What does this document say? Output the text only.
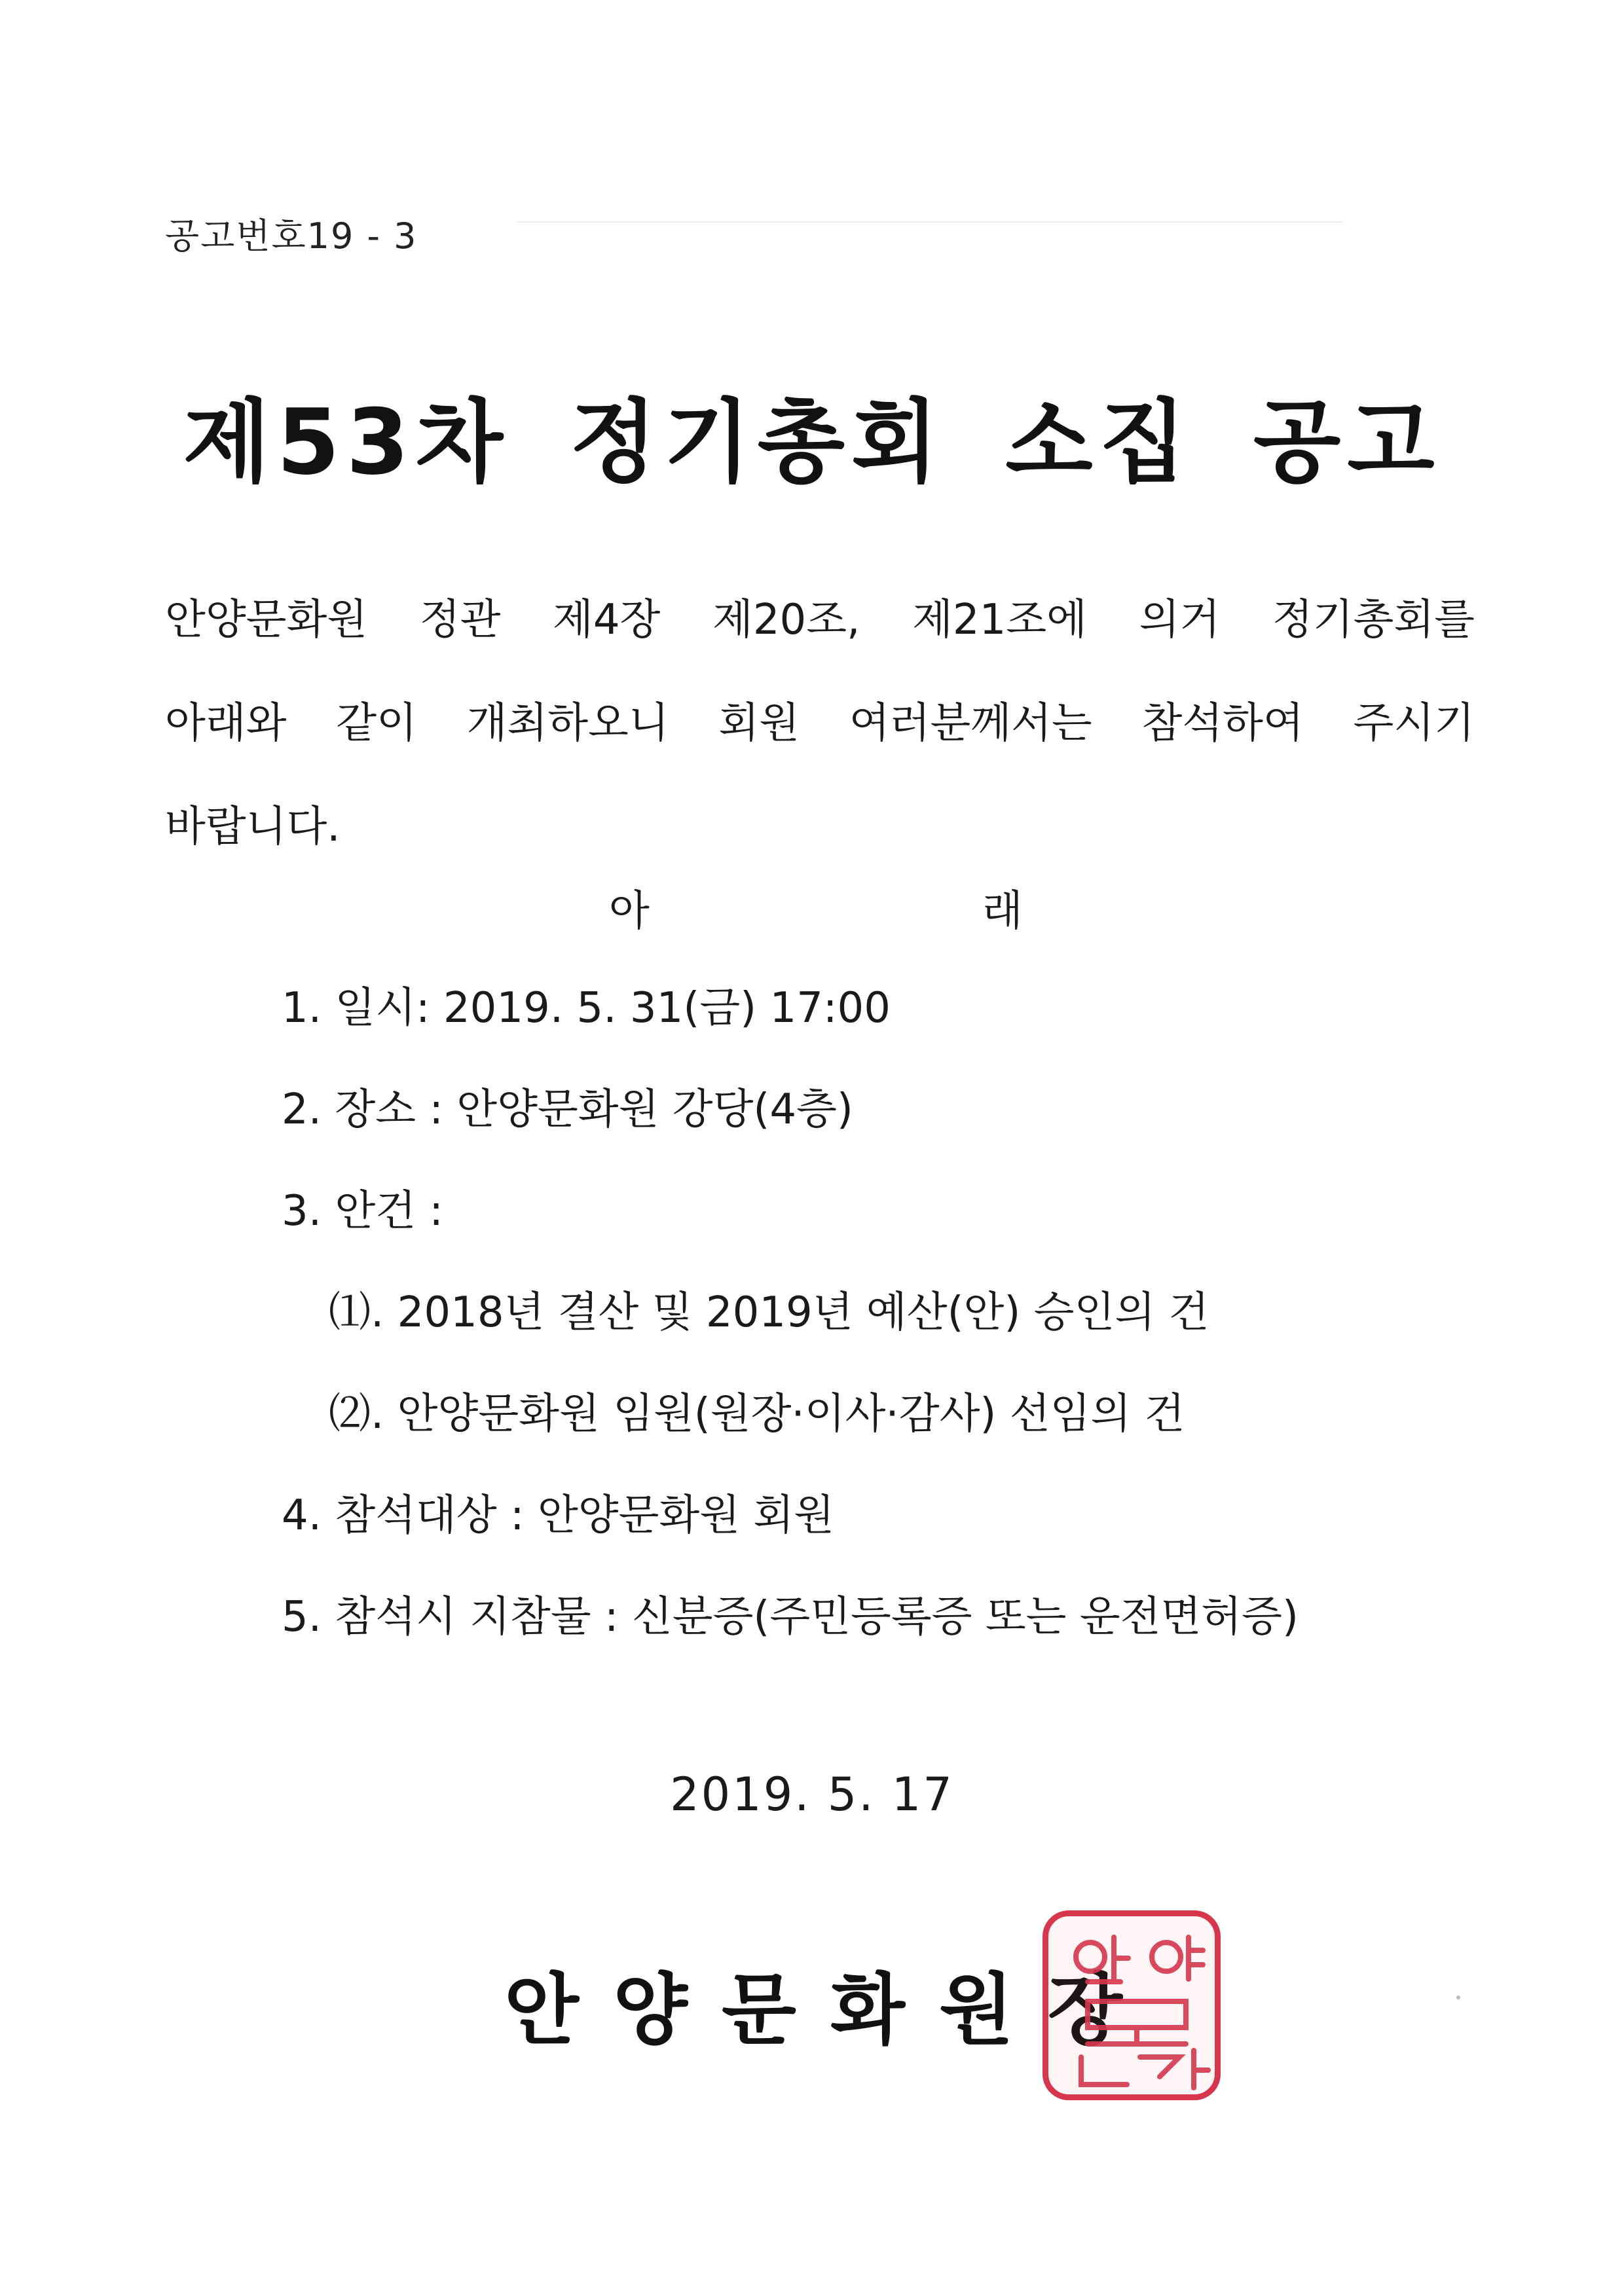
공고번호19 - 3
제53차 정기총회 소집 공고
안양문화원 정관 제4장 제20조, 제21조에 의거 정기총회를
아래와 같이 개최하오니 회원 여러분께서는 참석하여 주시기
바랍니다.
아	래
1. 일시: 2019. 5. 31(금) 17:00
2. 장소 : 안양문화원 강당(4층)
3. 안건 :
⑴. 2018년 결산 및 2019년 예산(안) 승인의 건
⑵. 안양문화원 임원(원장·이사·감사) 선임의 건
4. 참석대상 : 안양문화원 회원
5. 참석시 지참물 : 신분증(주민등록증 또는 운전면허증)
2019. 5. 17
안양문화원장
